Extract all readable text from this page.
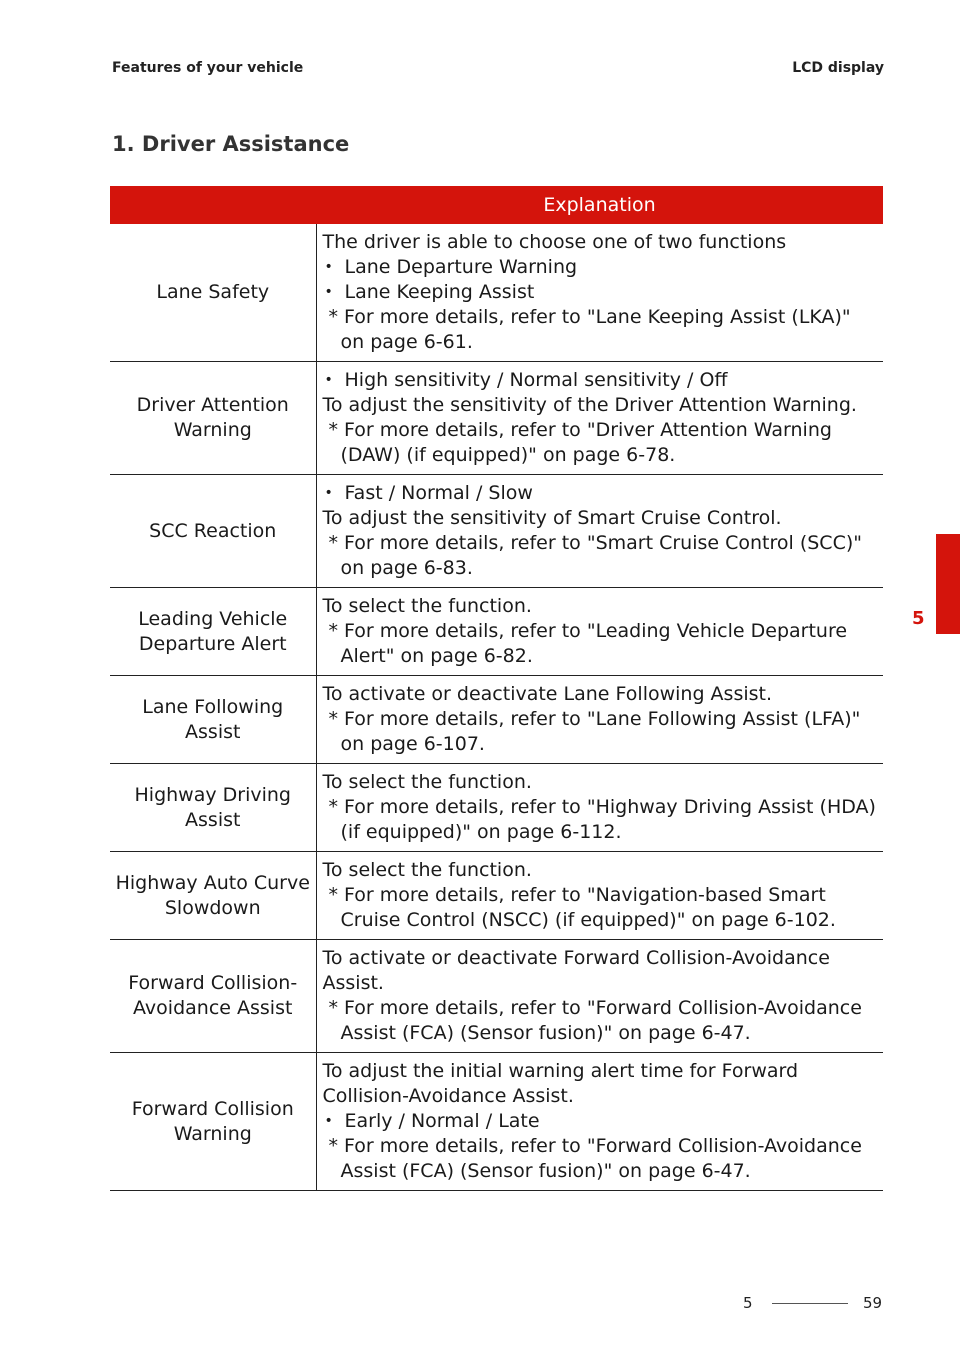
Features of your vehicle	LCD display
1. Driver Assistance
5
	Explanation
Lane Safety	The driver is able to choose one of two functions
• Lane Departure Warning
• Lane Keeping Assist
* For more details, refer to "Lane Keeping Assist (LKA)" on page 6-61.

Driver Attention Warning	• High sensitivity / Normal sensitivity / Off
To adjust the sensitivity of the Driver Attention Warning.
* For more details, refer to "Driver Attention Warning (DAW) (if equipped)" on page 6-78.

SCC Reaction	• Fast / Normal / Slow
To adjust the sensitivity of Smart Cruise Control.
* For more details, refer to "Smart Cruise Control (SCC)" on page 6-83.

Leading Vehicle Departure Alert	To select the function.
* For more details, refer to "Leading Vehicle Departure Alert" on page 6-82.

Lane Following Assist	To activate or deactivate Lane Following Assist.
* For more details, refer to "Lane Following Assist (LFA)" on page 6-107.

Highway Driving Assist	To select the function.
* For more details, refer to "Highway Driving Assist (HDA) (if equipped)" on page 6-112.

Highway Auto Curve Slowdown	To select the function.
* For more details, refer to "Navigation-based Smart Cruise Control (NSCC) (if equipped)" on page 6-102.

Forward Collision-Avoidance Assist	To activate or deactivate Forward Collision-Avoidance Assist.
* For more details, refer to "Forward Collision-Avoidance Assist (FCA) (Sensor fusion)" on page 6-47.

Forward Collision Warning	To adjust the initial warning alert time for Forward Collision-Avoidance Assist.
• Early / Normal / Late
* For more details, refer to "Forward Collision-Avoidance Assist (FCA) (Sensor fusion)" on page 6-47.
5	59
